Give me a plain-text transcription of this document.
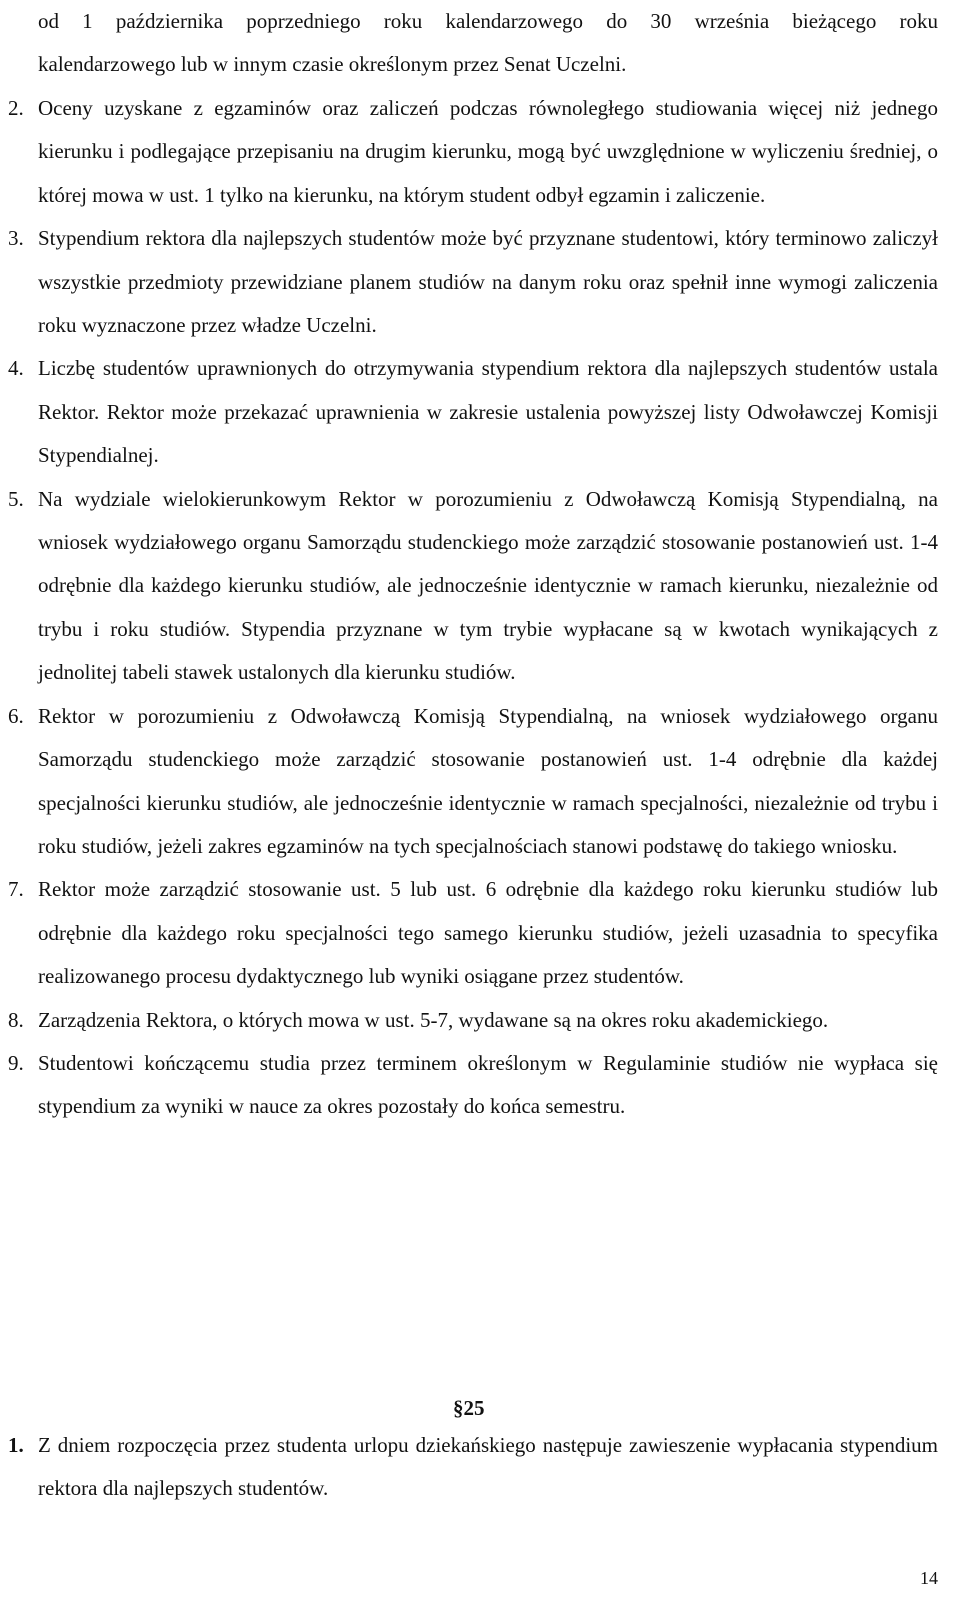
od 1 października poprzedniego roku kalendarzowego do 30 września bieżącego roku
kalendarzowego lub w innym czasie określonym przez Senat Uczelni.
2. Oceny uzyskane z egzaminów oraz zaliczeń podczas równoległego studiowania więcej niż jednego kierunku i podlegające przepisaniu na drugim kierunku, mogą być uwzględnione w wyliczeniu średniej, o której mowa w ust. 1 tylko na kierunku, na którym student odbył egzamin i zaliczenie.
3. Stypendium rektora dla najlepszych studentów może być przyznane studentowi, który terminowo zaliczył wszystkie przedmioty przewidziane planem studiów na danym roku oraz spełnił inne wymogi zaliczenia roku wyznaczone przez władze Uczelni.
4. Liczbę studentów uprawnionych do otrzymywania stypendium rektora dla najlepszych studentów ustala Rektor. Rektor może przekazać uprawnienia w zakresie ustalenia powyższej listy Odwoławczej Komisji Stypendialnej.
5. Na wydziale wielokierunkowym Rektor w porozumieniu z Odwoławczą Komisją Stypendialną, na wniosek wydziałowego organu Samorządu studenckiego może zarządzić stosowanie postanowień ust. 1-4 odrębnie dla każdego kierunku studiów, ale jednocześnie identycznie w ramach kierunku, niezależnie od trybu i roku studiów. Stypendia przyznane w tym trybie wypłacane są w kwotach wynikających z jednolitej tabeli stawek ustalonych dla kierunku studiów.
6. Rektor w porozumieniu z Odwoławczą Komisją Stypendialną, na wniosek wydziałowego organu Samorządu studenckiego może zarządzić stosowanie postanowień ust. 1-4 odrębnie dla każdej specjalności kierunku studiów, ale jednocześnie identycznie w ramach specjalności, niezależnie od trybu i roku studiów, jeżeli zakres egzaminów na tych specjalnościach stanowi podstawę do takiego wniosku.
7. Rektor może zarządzić stosowanie ust. 5 lub ust. 6 odrębnie dla każdego roku kierunku studiów lub odrębnie dla każdego roku specjalności tego samego kierunku studiów, jeżeli uzasadnia to specyfika realizowanego procesu dydaktycznego lub wyniki osiągane przez studentów.
8. Zarządzenia Rektora, o których mowa w ust. 5-7, wydawane są na okres roku akademickiego.
9. Studentowi kończącemu studia przez terminem określonym w Regulaminie studiów nie wypłaca się stypendium za wyniki w nauce za okres pozostały do końca semestru.
§25
1. Z dniem rozpoczęcia przez studenta urlopu dziekańskiego następuje zawieszenie wypłacania stypendium rektora dla najlepszych studentów.
14
